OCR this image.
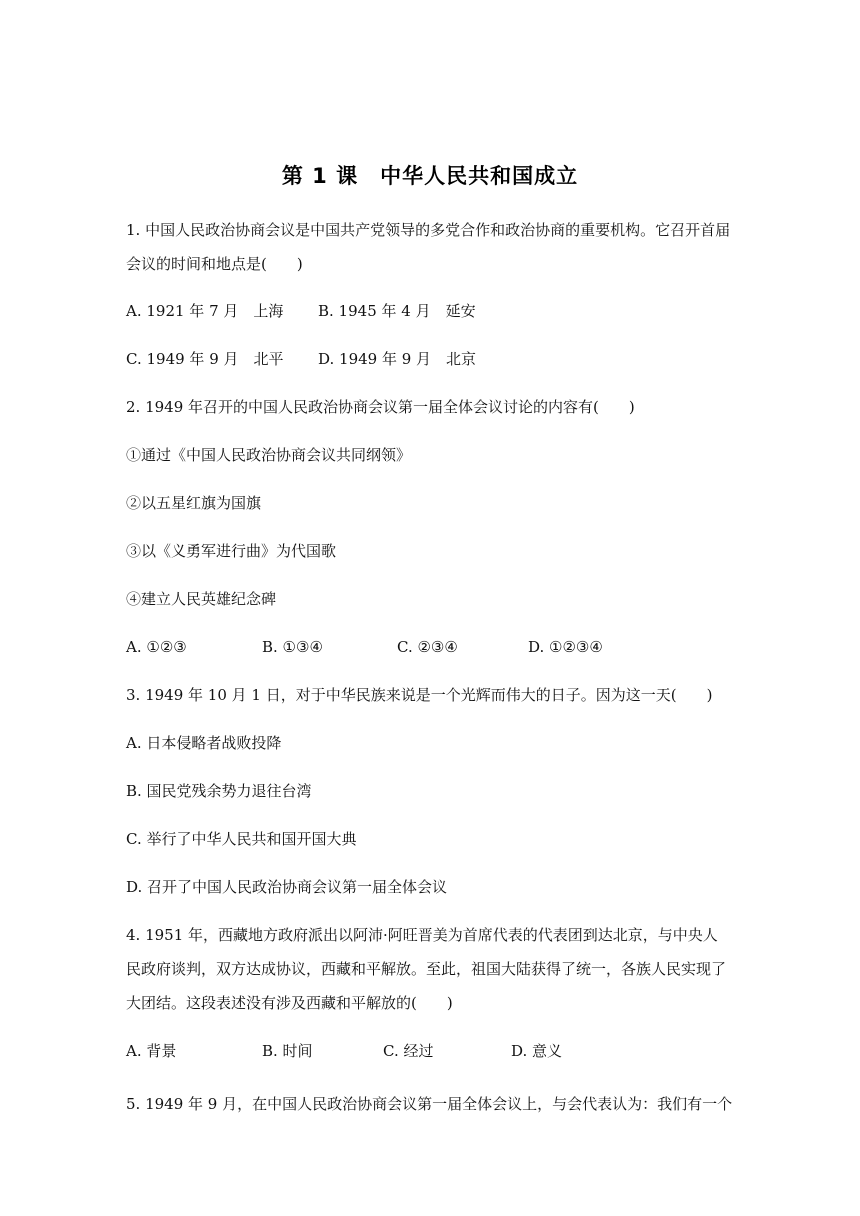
第 1 课　中华人民共和国成立
1. 中国人民政治协商会议是中国共产党领导的多党合作和政治协商的重要机构。它召开首届
会议的时间和地点是(　　)
A. 1921 年 7 月　上海 B. 1945 年 4 月　延安
C. 1949 年 9 月　北平 D. 1949 年 9 月　北京
2. 1949 年召开的中国人民政治协商会议第一届全体会议讨论的内容有(　　)
①通过《中国人民政治协商会议共同纲领》
②以五星红旗为国旗
③以《义勇军进行曲》为代国歌
④建立人民英雄纪念碑
A. ①②③	B. ①③④	C. ②③④	D. ①②③④
3. 1949 年 10 月 1 日，对于中华民族来说是一个光辉而伟大的日子。因为这一天(　　)
A. 日本侵略者战败投降
B. 国民党残余势力退往台湾
C. 举行了中华人民共和国开国大典
D. 召开了中国人民政治协商会议第一届全体会议
4. 1951 年，西藏地方政府派出以阿沛·阿旺晋美为首席代表的代表团到达北京，与中央人
民政府谈判，双方达成协议，西藏和平解放。至此，祖国大陆获得了统一，各族人民实现了
大团结。这段表述没有涉及西藏和平解放的(　　)
A. 背景	B. 时间	C. 经过	D. 意义
5. 1949 年 9 月，在中国人民政治协商会议第一届全体会议上，与会代表认为：我们有一个
